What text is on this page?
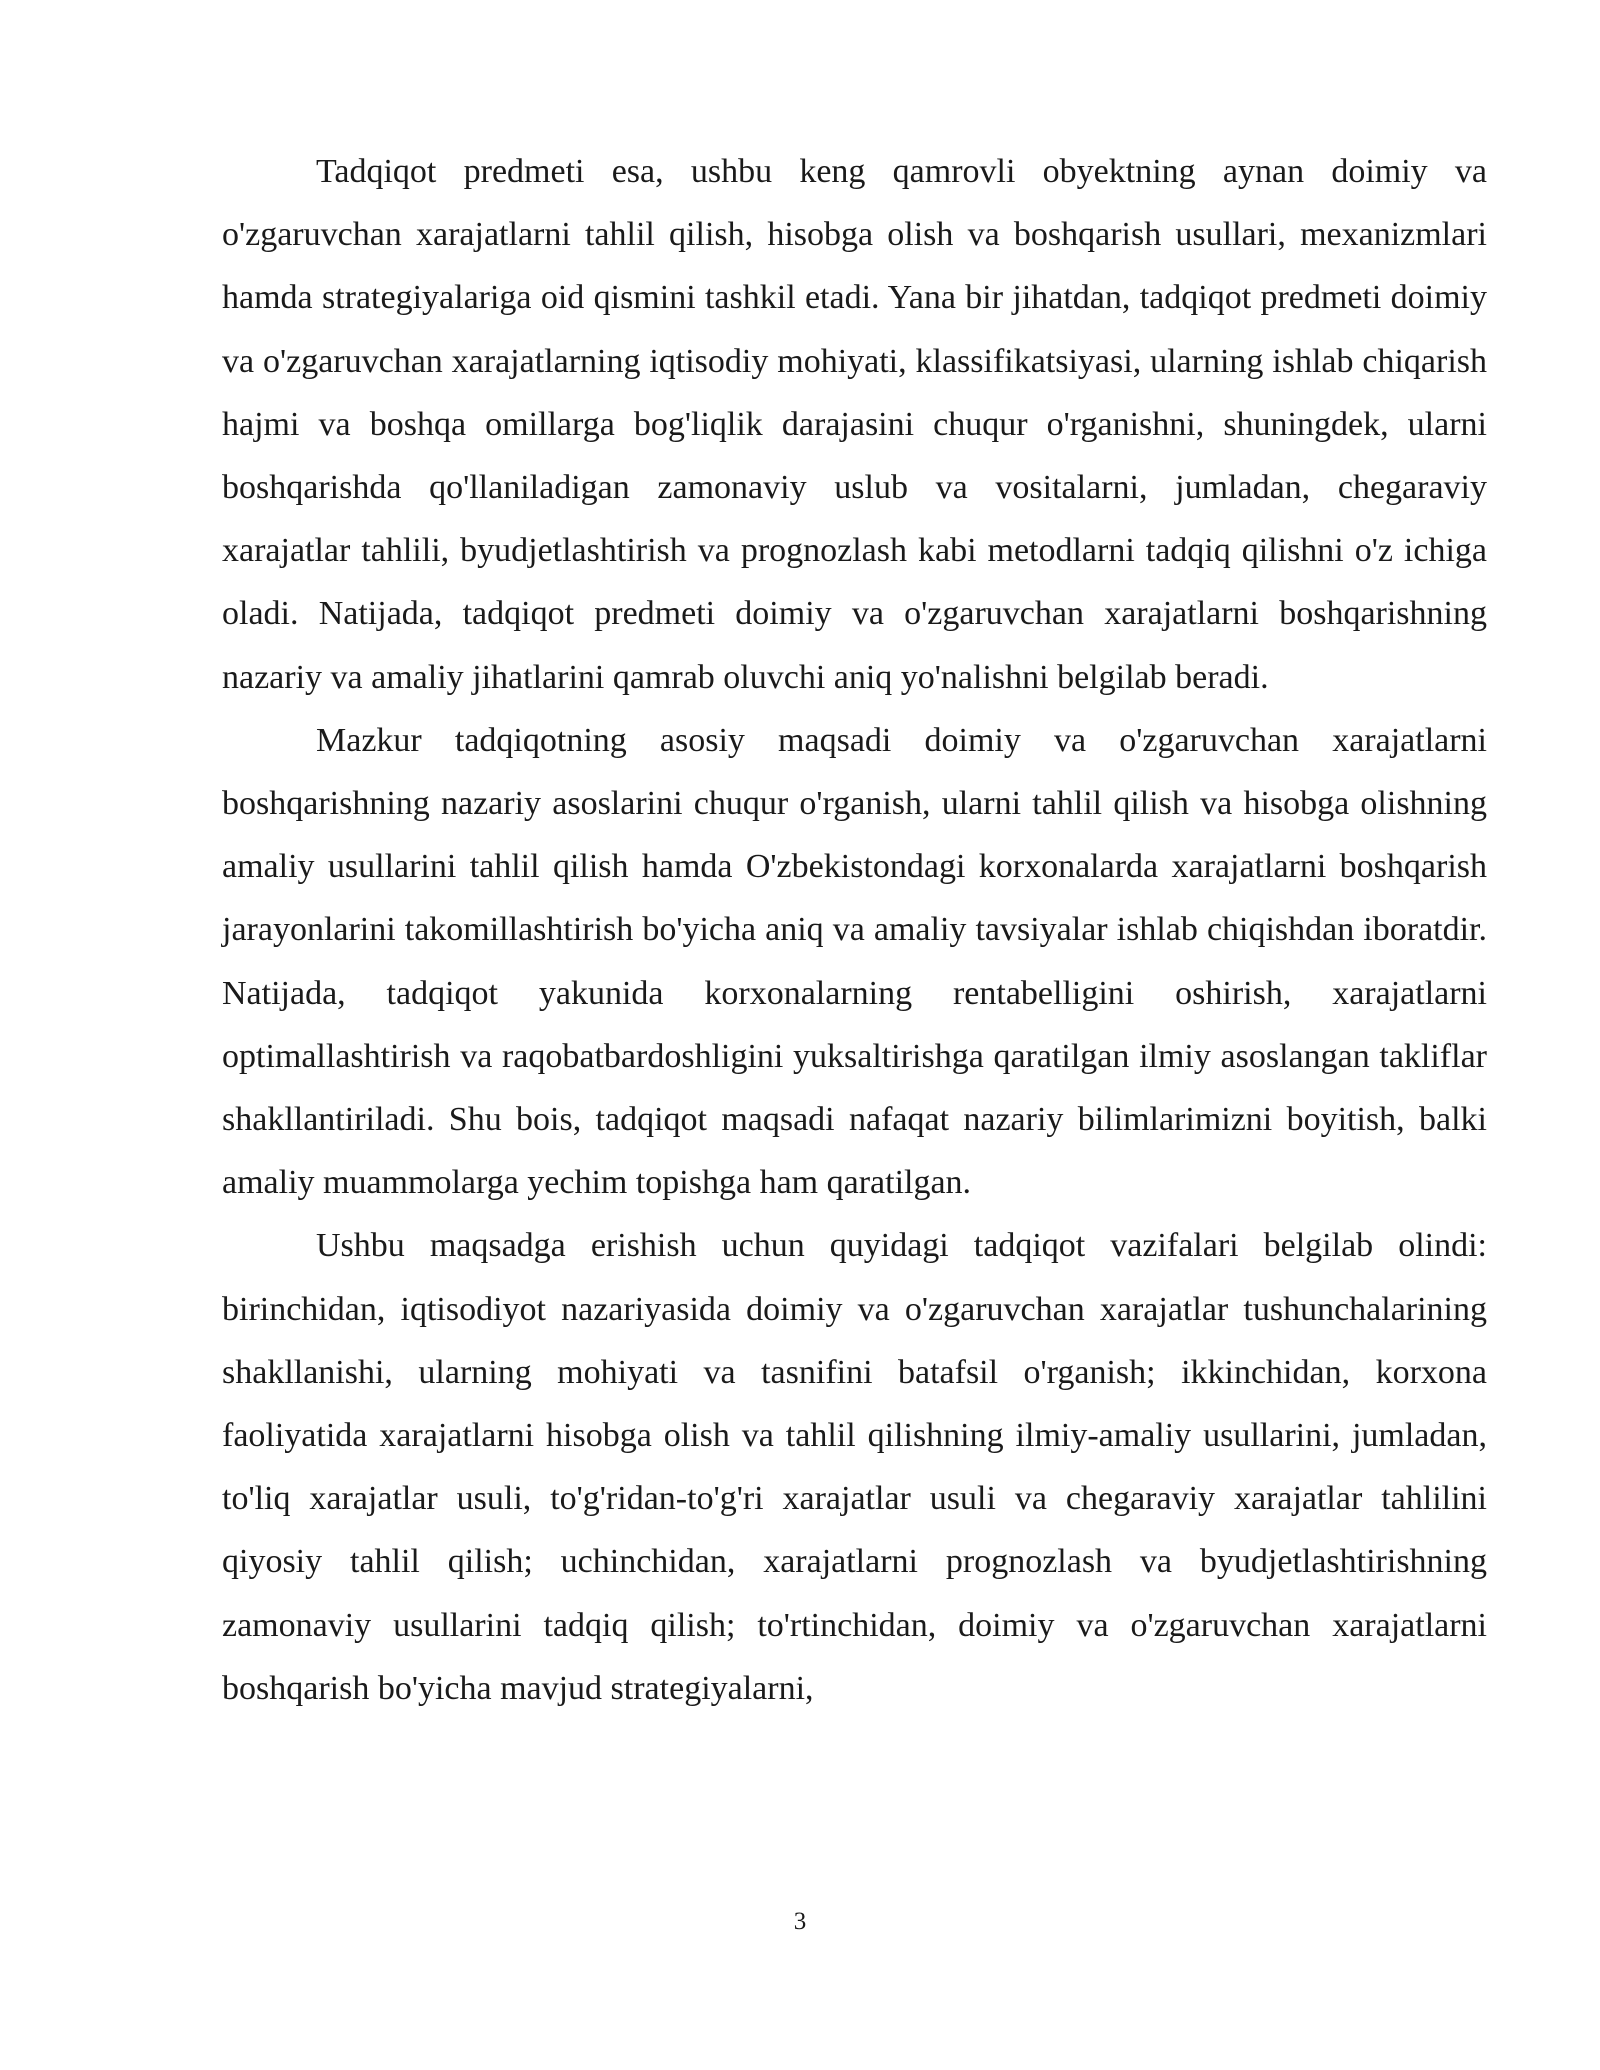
Tadqiqot predmeti esa, ushbu keng qamrovli obyektning aynan doimiy va o'zgaruvchan xarajatlarni tahlil qilish, hisobga olish va boshqarish usullari, mexanizmlari hamda strategiyalariga oid qismini tashkil etadi. Yana bir jihatdan, tadqiqot predmeti doimiy va o'zgaruvchan xarajatlarning iqtisodiy mohiyati, klassifikatsiyasi, ularning ishlab chiqarish hajmi va boshqa omillarga bog'liqlik darajasini chuqur o'rganishni, shuningdek, ularni boshqarishda qo'llaniladigan zamonaviy uslub va vositalarni, jumladan, chegaraviy xarajatlar tahlili, byudjetlashtirish va prognozlash kabi metodlarni tadqiq qilishni o'z ichiga oladi. Natijada, tadqiqot predmeti doimiy va o'zgaruvchan xarajatlarni boshqarishning nazariy va amaliy jihatlarini qamrab oluvchi aniq yo'nalishni belgilab beradi.

Mazkur tadqiqotning asosiy maqsadi doimiy va o'zgaruvchan xarajatlarni boshqarishning nazariy asoslarini chuqur o'rganish, ularni tahlil qilish va hisobga olishning amaliy usullarini tahlil qilish hamda O'zbekistondagi korxonalarda xarajatlarni boshqarish jarayonlarini takomillashtirish bo'yicha aniq va amaliy tavsiyalar ishlab chiqishdan iboratdir. Natijada, tadqiqot yakunida korxonalarning rentabelligini oshirish, xarajatlarni optimallashtirish va raqobatbardoshligini yuksaltirishga qaratilgan ilmiy asoslangan takliflar shakllantiriladi. Shu bois, tadqiqot maqsadi nafaqat nazariy bilimlarimizni boyitish, balki amaliy muammolarga yechim topishga ham qaratilgan.

Ushbu maqsadga erishish uchun quyidagi tadqiqot vazifalari belgilab olindi: birinchidan, iqtisodiyot nazariyasida doimiy va o'zgaruvchan xarajatlar tushunchalarining shakllanishi, ularning mohiyati va tasnifini batafsil o'rganish; ikkinchidan, korxona faoliyatida xarajatlarni hisobga olish va tahlil qilishning ilmiy-amaliy usullarini, jumladan, to'liq xarajatlar usuli, to'g'ridan-to'g'ri xarajatlar usuli va chegaraviy xarajatlar tahlilini qiyosiy tahlil qilish; uchinchidan, xarajatlarni prognozlash va byudjetlashtirishning zamonaviy usullarini tadqiq qilish; to'rtinchidan, doimiy va o'zgaruvchan xarajatlarni boshqarish bo'yicha mavjud strategiyalarni,

3
